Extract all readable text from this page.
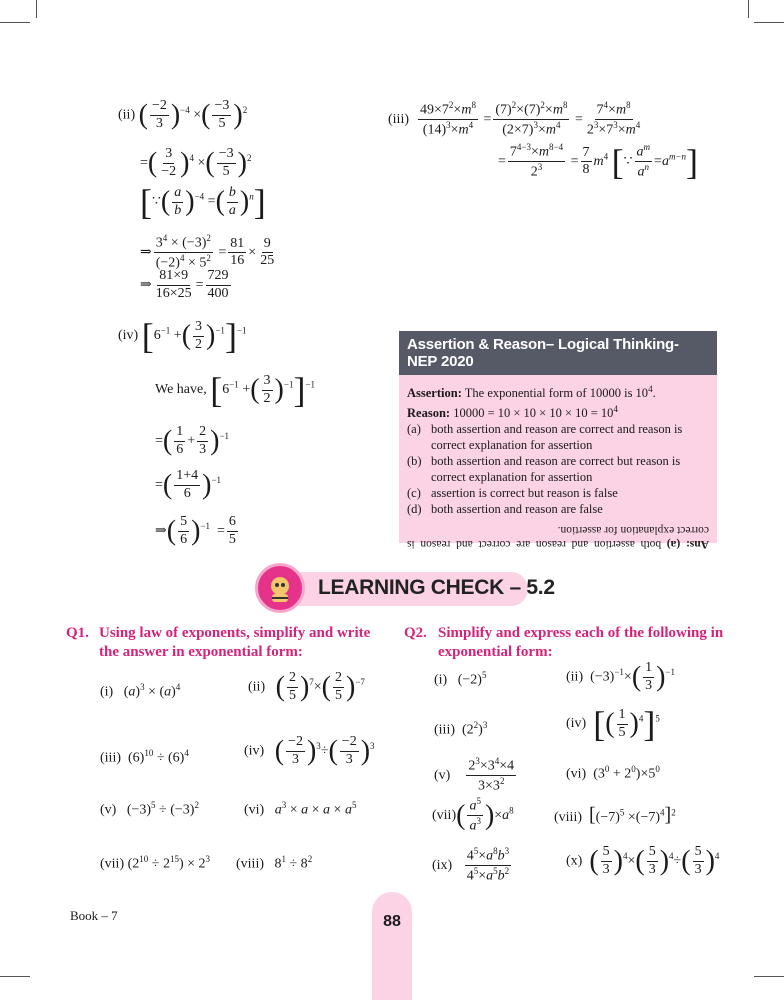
(ii) ( $\frac{-2}{3} )^{-4}$ ×( $\frac{-3}{5} )^2$
=( $\frac{3}{-2} )^4$ ×( $\frac{-3}{5} )^2$
[∵( $\frac{a}{b} )^{-4}$ =( $\frac{b}{a} )^n$]
⇒ $\frac{3^4 \times (-3)^2}{(-2)^4 \times 5^2} = \frac{81}{16} \times \frac{9}{25}$
⇒ $\frac{81\times 9}{16\times 25} = \frac{729}{400}$
$(iii) \frac{49\times 7^2\times m^8}{(14)^3\times m^4} = \frac{(7)^2\times(7)^2\times m^8}{(2\times 7)^3\times m^4} = \frac{7^4\times m^8}{2^3\times 7^3\times m^4}$
= $\frac{7^{4-3}\times m^{8-4}}{2^3} = \frac{7}{8} m^4$ [∵ $\frac{a^m}{a^n} =a^{m-n}$]
(iv) [$6^{-1}$ +( $\frac{3}{2} )^{-1}]^{-1}$
We have, [$6^{-1}$ +( $\frac{3}{2} )^{-1}]^{-1}$
=( $\frac{1}{6} + \frac{2}{3} )^{-1}$
=( $\frac{1+4}{6} )^{-1}$
⇒( $\frac{5}{6} )^{-1} = \frac{6}{5}$
Assertion & Reason– Logical Thinking- NEP 2020
Assertion: The exponential form of 10000 is $10^4$.
Reason: $10000 = 10 \times 10 \times 10 \times 10 = 10^4$
(a) both assertion and reason are correct and reason is correct explanation for assertion
(b) both assertion and reason are correct but reason is correct explanation for assertion
(c) assertion is correct but reason is false
(d) both assertion and reason are false
Ans: (a) both assertion and reason are correct and reason is correct explanation for assertion.
LEARNING CHECK – 5.2
Q1. Using law of exponents, simplify and write the answer in exponential form:
(i)   $(a)^3 \times (a)^4$	(ii)   ( $\frac{2}{5} )^7\times( \frac{2}{5} )^{-7}$
(iii)  $(6)^{10} \div (6)^4$	(iv)   ( $\frac{-2}{3} )^3\div( \frac{-2}{3} )^3$
(v)   $(-3)^5 \div (-3)^2$	(vi)   $a^3 \times a \times a \times a^5$
(vii) $(2^{10} \div 2^{15}) \times 2^3$ (viii)   $8^1 \div 8^2$
Q2. Simplify and express each of the following in exponential form:
(i)   $(-2)^5$	(ii)  $(-3)^{-1}\times( \frac{1}{3} )^{-1}$
(iii)  $(2^2)^3$	(iv)  [( $\frac{1}{5} )^4]^5$
$(v) \frac{2^3\times 3^4\times 4}{3\times 3^2}$	(vi)  $(3^0 + 2^0)\times 5^0$
$(vii)( \frac{a^5}{a^3} )\times a^8$	(viii)  $[(-7)^5 \times(-7)^4]^2$
$(ix) \frac{4^5\times a^8b^3}{4^5\times a^5b^2}$	(x)  ( $\frac{5}{3} )^4\times( \frac{5}{3} )^4\div( \frac{5}{3} )^4$
Book – 7	88
